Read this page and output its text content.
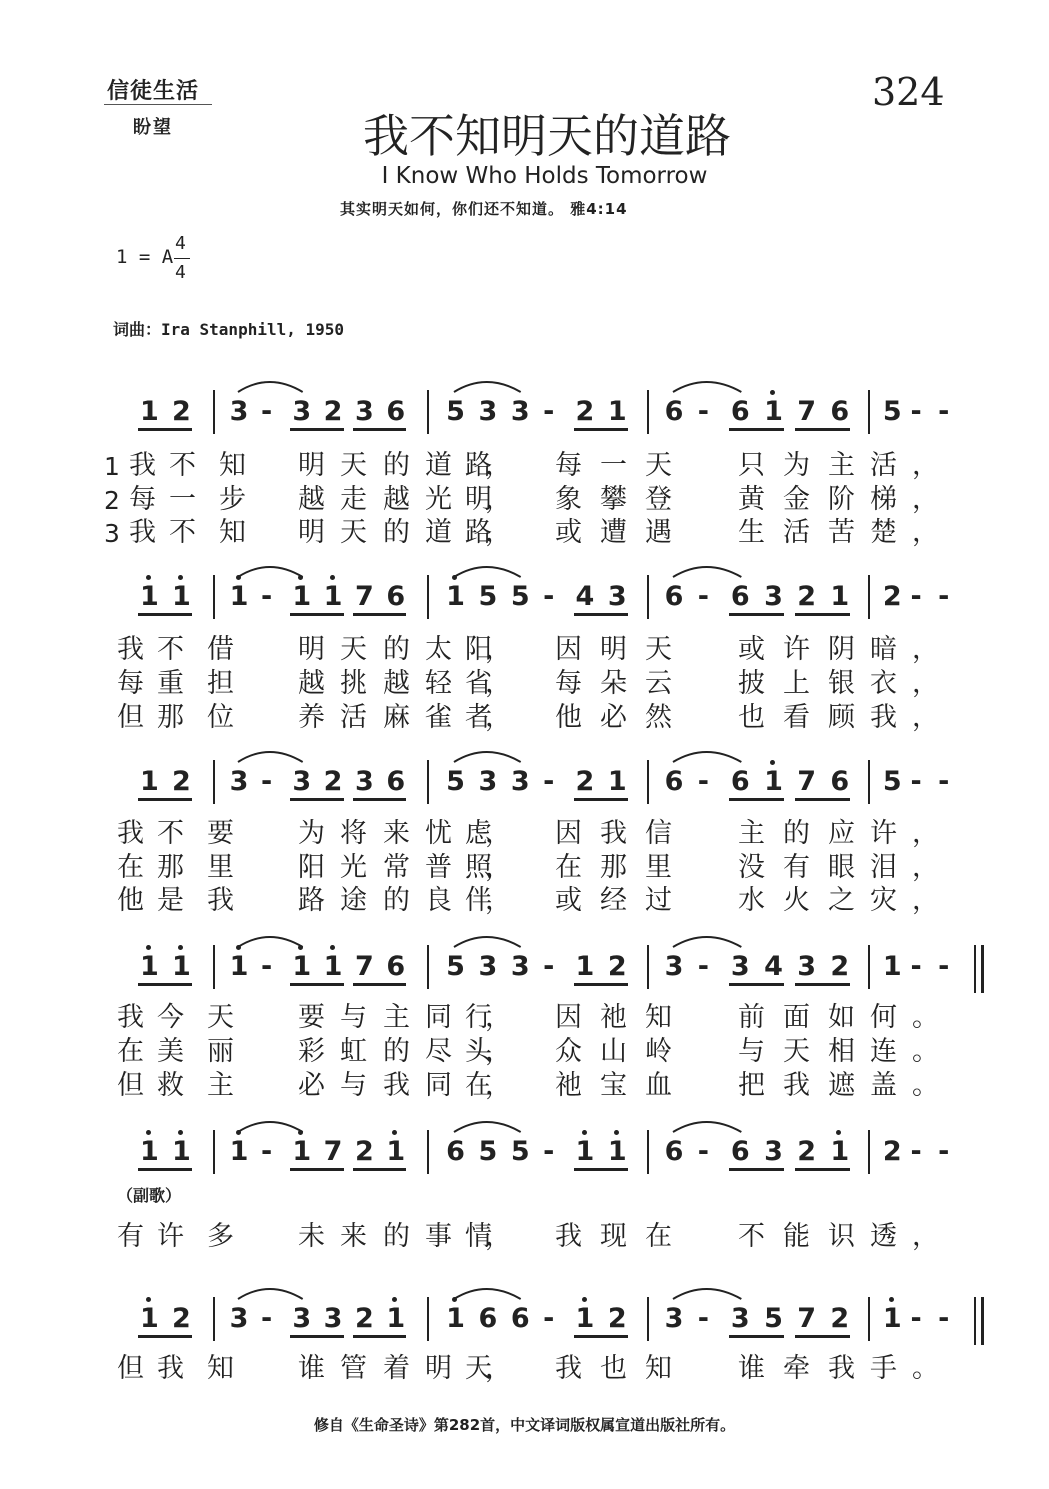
信徒生活
盼望
324
我不知明天的道路
I Know Who Holds Tomorrow
其实明天如何，你们还不知道。 雅4:14
1 = A
4
4
词曲：Ira Stanphill, 1950
1 2 3 - 3 2 3 6 5 3 3 - 2 1 6 - 6 1 7 6 5 - -
1 我 不 知 明 天 的 道 路
， 每 一 天 只 为 主 活 ，
2 每 一 步 越 走 越 光 明
， 象 攀 登 黄 金 阶 梯 ，
3 我 不 知 明 天 的 道 路
， 或 遭 遇 生 活 苦 楚 ，
1 1 1 - 1 1 7 6 1 5 5 - 4 3 6 - 6 3 2 1 2 - -
我 不 借 明 天 的 太 阳
， 因 明 天 或 许 阴 暗 ，
每 重 担 越 挑 越 轻 省
， 每 朵 云 披 上 银 衣 ，
但 那 位 养 活 麻 雀 者
， 他 必 然 也 看 顾 我 ，
1 2 3 - 3 2 3 6 5 3 3 - 2 1 6 - 6 1 7 6 5 - -
我 不 要 为 将 来 忧 虑
， 因 我 信 主 的 应 许 ，
在 那 里 阳 光 常 普 照
， 在 那 里 没 有 眼 泪 ，
他 是 我 路 途 的 良 伴
， 或 经 过 水 火 之 灾 ，
1 1 1 - 1 1 7 6 5 3 3 - 1 2 3 - 3 4 3 2 1 - -
我 今 天 要 与 主 同 行
， 因 祂 知 前 面 如 何 。
在 美 丽 彩 虹 的 尽 头
， 众 山 岭 与 天 相 连 。
但 救 主 必 与 我 同 在
， 祂 宝 血 把 我 遮 盖 。
1 1 1 - 1 7 2 1 6 5 5 - 1 1 6 - 6 3 2 1 2 - -
有 许 多 未 来 的 事 情
， 我 现 在 不 能 识 透 ，
1 2 3 - 3 3 2 1 1 6 6 - 1 2 3 - 3 5 7 2 1 - -
但 我 知 谁 管 着 明 天
， 我 也 知 谁 牵 我 手 。
（副歌）
修自《生命圣诗》第282首，中文译词版权属宣道出版社所有。
